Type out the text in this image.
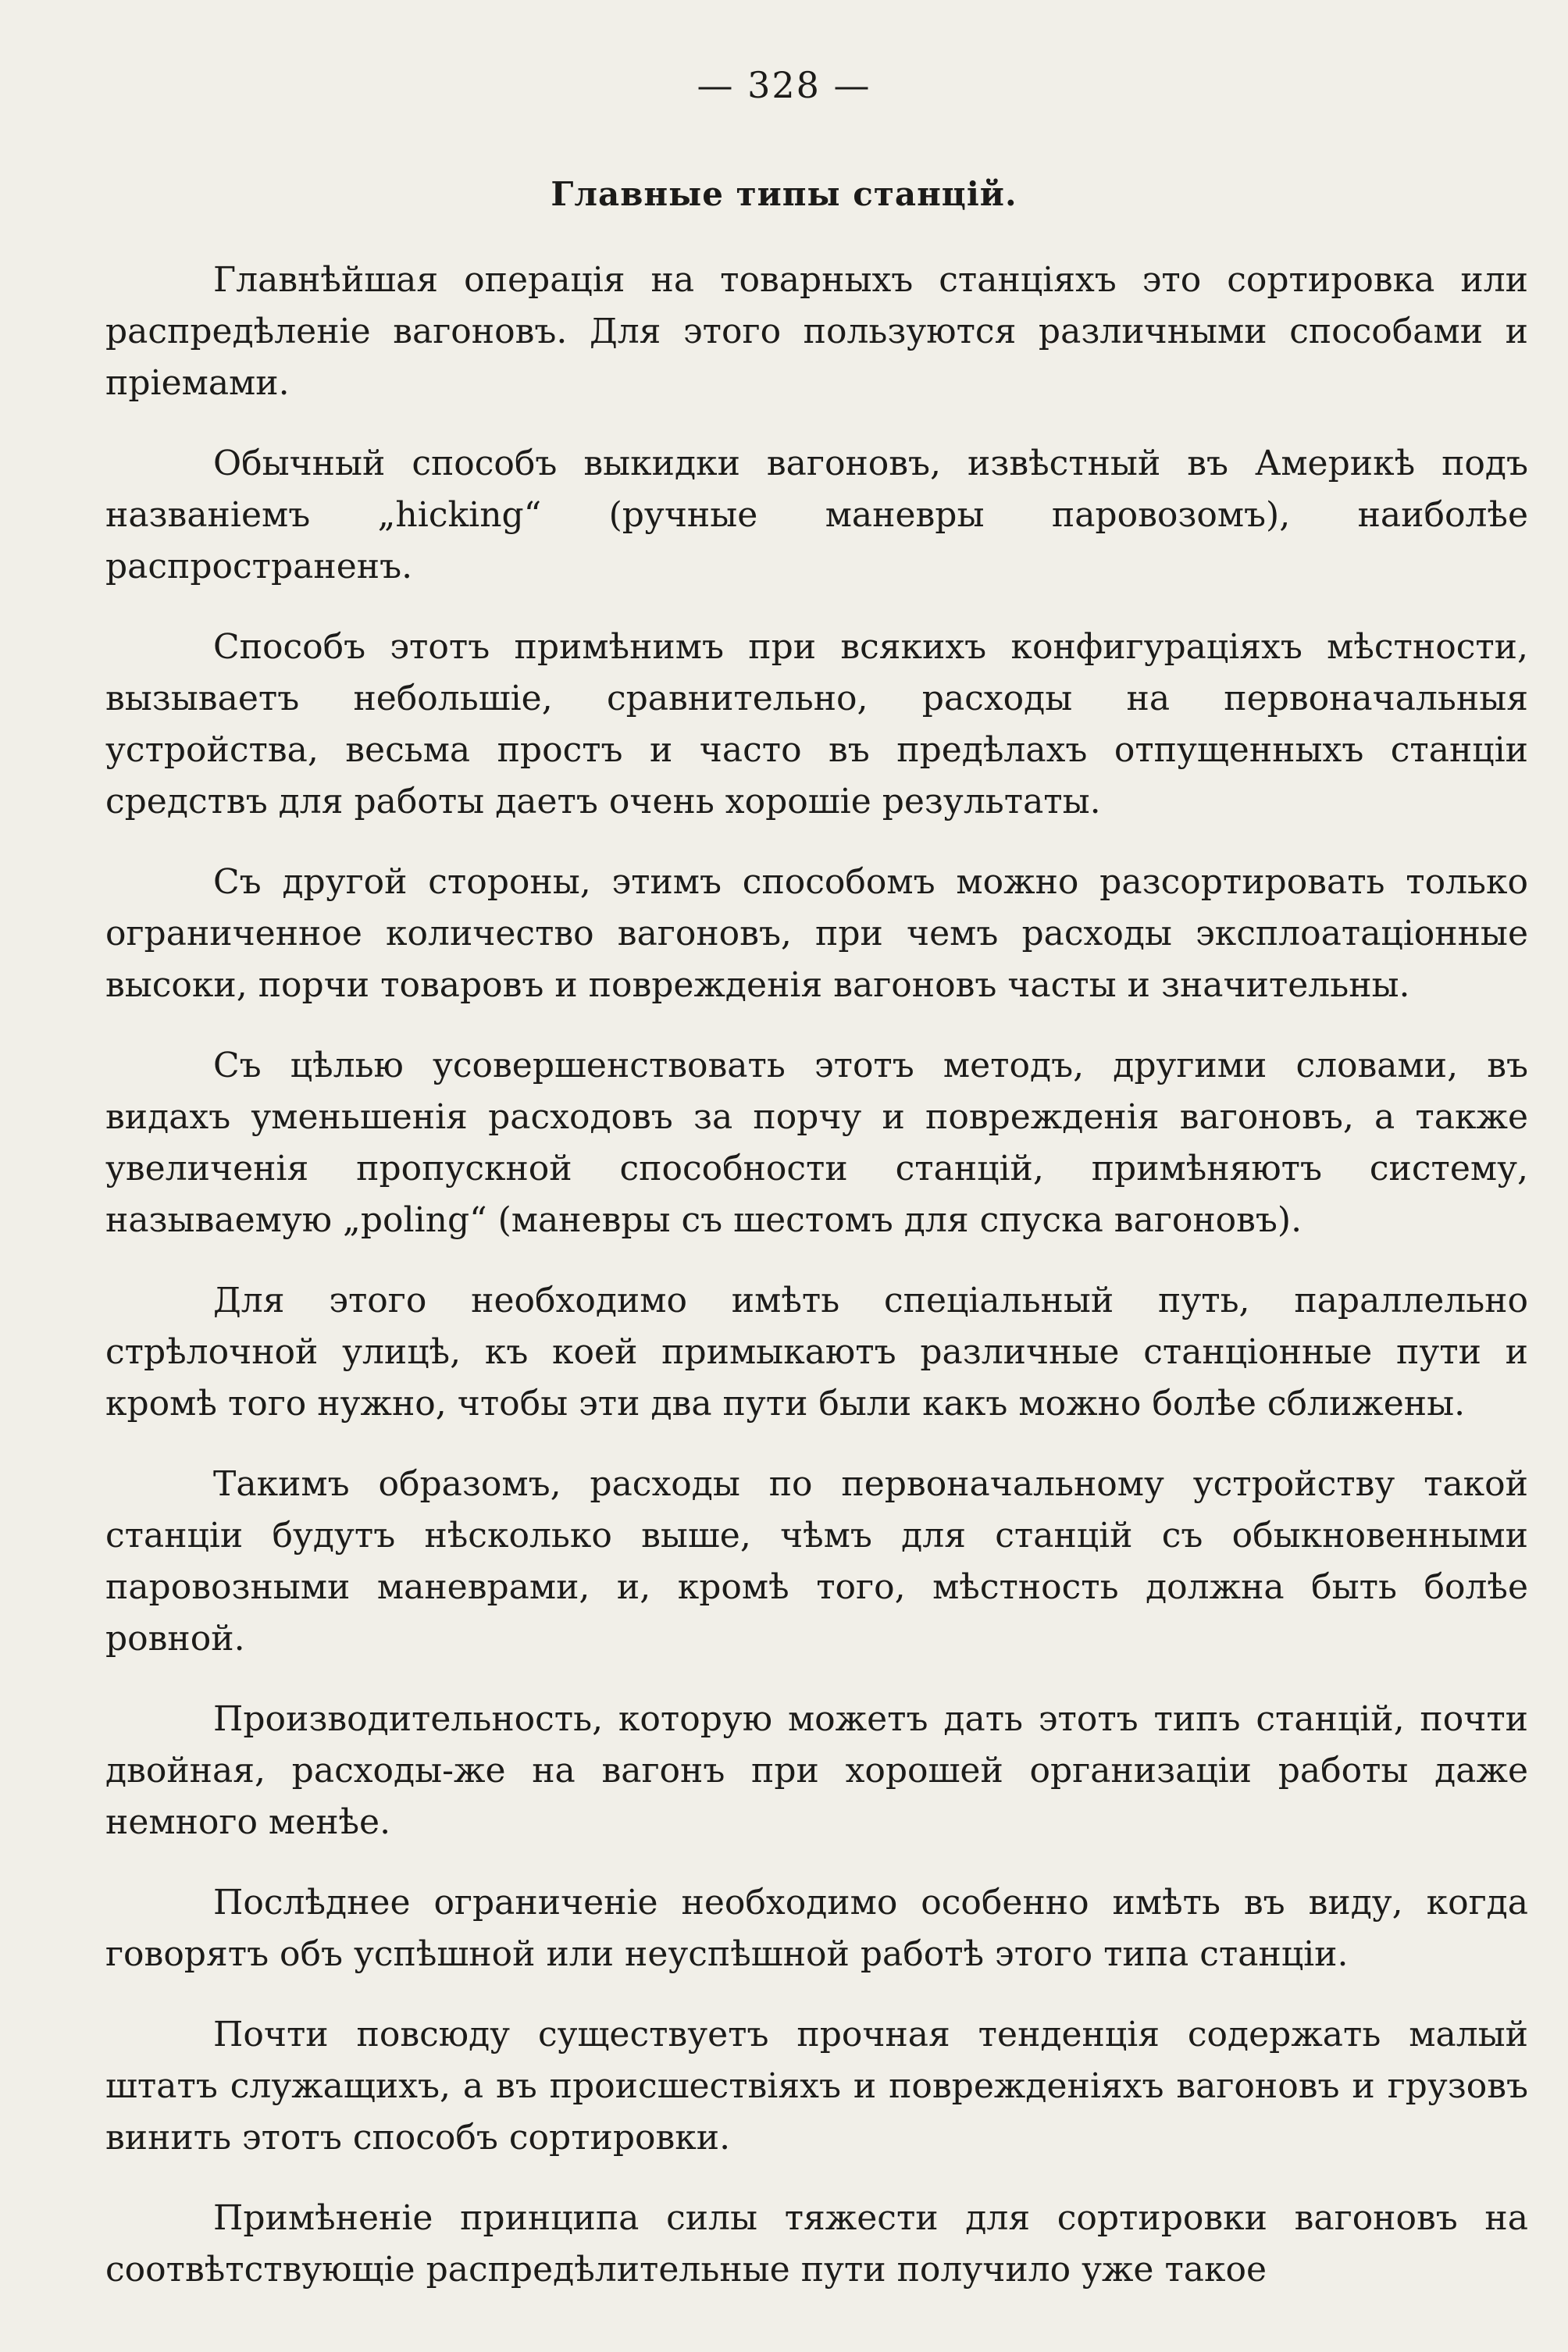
— 328 —
Главные типы станцій.

Главнѣйшая операція на товарныхъ станціяхъ это сортировка или распредѣленіе вагоновъ. Для этого пользуются различными способами и пріемами.

Обычный способъ выкидки вагоновъ, извѣстный въ Америкѣ подъ названіемъ „hicking“ (ручные маневры паровозомъ), наиболѣе распространенъ.

Способъ этотъ примѣнимъ при всякихъ конфигураціяхъ мѣстности, вызываетъ небольшіе, сравнительно, расходы на первоначальныя устройства, весьма простъ и часто въ предѣлахъ отпущенныхъ станціи средствъ для работы даетъ очень хорошіе результаты.

Съ другой стороны, этимъ способомъ можно разсортировать только ограниченное количество вагоновъ, при чемъ расходы эксплоатаціонные высоки, порчи товаровъ и поврежденія вагоновъ часты и значительны.

Съ цѣлью усовершенствовать этотъ методъ, другими словами, въ видахъ уменьшенія расходовъ за порчу и поврежденія вагоновъ, а также увеличенія пропускной способности станцій, примѣняютъ систему, называемую „poling“ (маневры съ шестомъ для спуска вагоновъ).

Для этого необходимо имѣть спеціальный путь, параллельно стрѣлочной улицѣ, къ коей примыкаютъ различные станціонные пути и кромѣ того нужно, чтобы эти два пути были какъ можно болѣе сближены.

Такимъ образомъ, расходы по первоначальному устройству такой станціи будутъ нѣсколько выше, чѣмъ для станцій съ обыкновенными паровозными маневрами, и, кромѣ того, мѣстность должна быть болѣе ровной.

Производительность, которую можетъ дать этотъ типъ станцій, почти двойная, расходы-же на вагонъ при хорошей организаціи работы даже немного менѣе.

Послѣднее ограниченіе необходимо особенно имѣть въ виду, когда говорятъ объ успѣшной или неуспѣшной работѣ этого типа станціи.

Почти повсюду существуетъ прочная тенденція содержать малый штатъ служащихъ, а въ происшествіяхъ и поврежденіяхъ вагоновъ и грузовъ винить этотъ способъ сортировки.

Примѣненіе принципа силы тяжести для сортировки вагоновъ на соотвѣтствующіе распредѣлительные пути получило уже такое
